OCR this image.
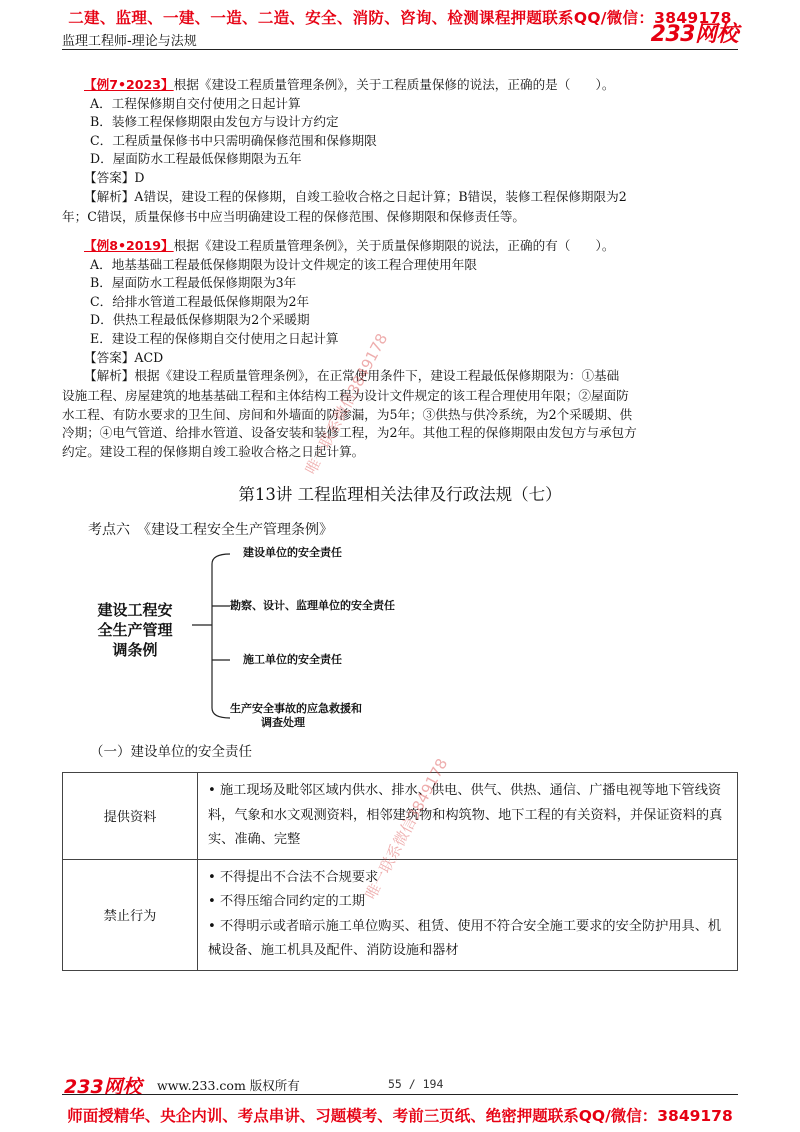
二建、监理、一建、一造、二造、安全、消防、咨询、检测课程押题联系QQ/微信：3849178
监理工程师-理论与法规	233网校

【例7•2023】根据《建设工程质量管理条例》，关于工程质量保修的说法，正确的是（　　）。

A．工程保修期自交付使用之日起计算

B．装修工程保修期限由发包方与设计方约定

C．工程质量保修书中只需明确保修范围和保修期限

D．屋面防水工程最低保修期限为五年

【答案】D

【解析】A错误，建设工程的保修期，自竣工验收合格之日起计算；B错误，装修工程保修期限为2

年；C错误，质量保修书中应当明确建设工程的保修范围、保修期限和保修责任等。

【例8•2019】根据《建设工程质量管理条例》，关于质量保修期限的说法，正确的有（　　）。

A．地基基础工程最低保修期限为设计文件规定的该工程合理使用年限

B．屋面防水工程最低保修期限为3年

C．给排水管道工程最低保修期限为2年

D．供热工程最低保修期限为2个采暖期

E．建设工程的保修期自交付使用之日起计算

【答案】ACD

【解析】根据《建设工程质量管理条例》，在正常使用条件下，建设工程最低保修期限为：①基础

设施工程、房屋建筑的地基基础工程和主体结构工程为设计文件规定的该工程合理使用年限；②屋面防

水工程、有防水要求的卫生间、房间和外墙面的防渗漏，为5年；③供热与供冷系统，为2个采暖期、供

冷期；④电气管道、给排水管道、设备安装和装修工程，为2年。其他工程的保修期限由发包方与承包方

约定。建设工程的保修期自竣工验收合格之日起计算。

第13讲 工程监理相关法律及行政法规（七）
考点六　《建设工程安全生产管理条例》
建设工程安
全生产管理
调条例
建设单位的安全责任
勘察、设计、监理单位的安全责任
施工单位的安全责任
生产安全事故的应急救援和
调查处理
（一）建设单位的安全责任
提供资料	• 施工现场及毗邻区域内供水、排水、供电、供气、供热、通信、广播电视等地下管线资料，气象和水文观测资料，相邻建筑物和构筑物、地下工程的有关资料，并保证资料的真实、准确、完整

禁止行为	• 不得提出不合法不合规要求
• 不得压缩合同约定的工期
• 不得明示或者暗示施工单位购买、租赁、使用不符合安全施工要求的安全防护用具、机械设备、施工机具及配件、消防设施和器材
唯一联系微信3849178
唯一联系微信3849178
233网校 www.233.com 版权所有	55 / 194
师面授精华、央企内训、考点串讲、习题模考、考前三页纸、绝密押题联系QQ/微信：3849178
